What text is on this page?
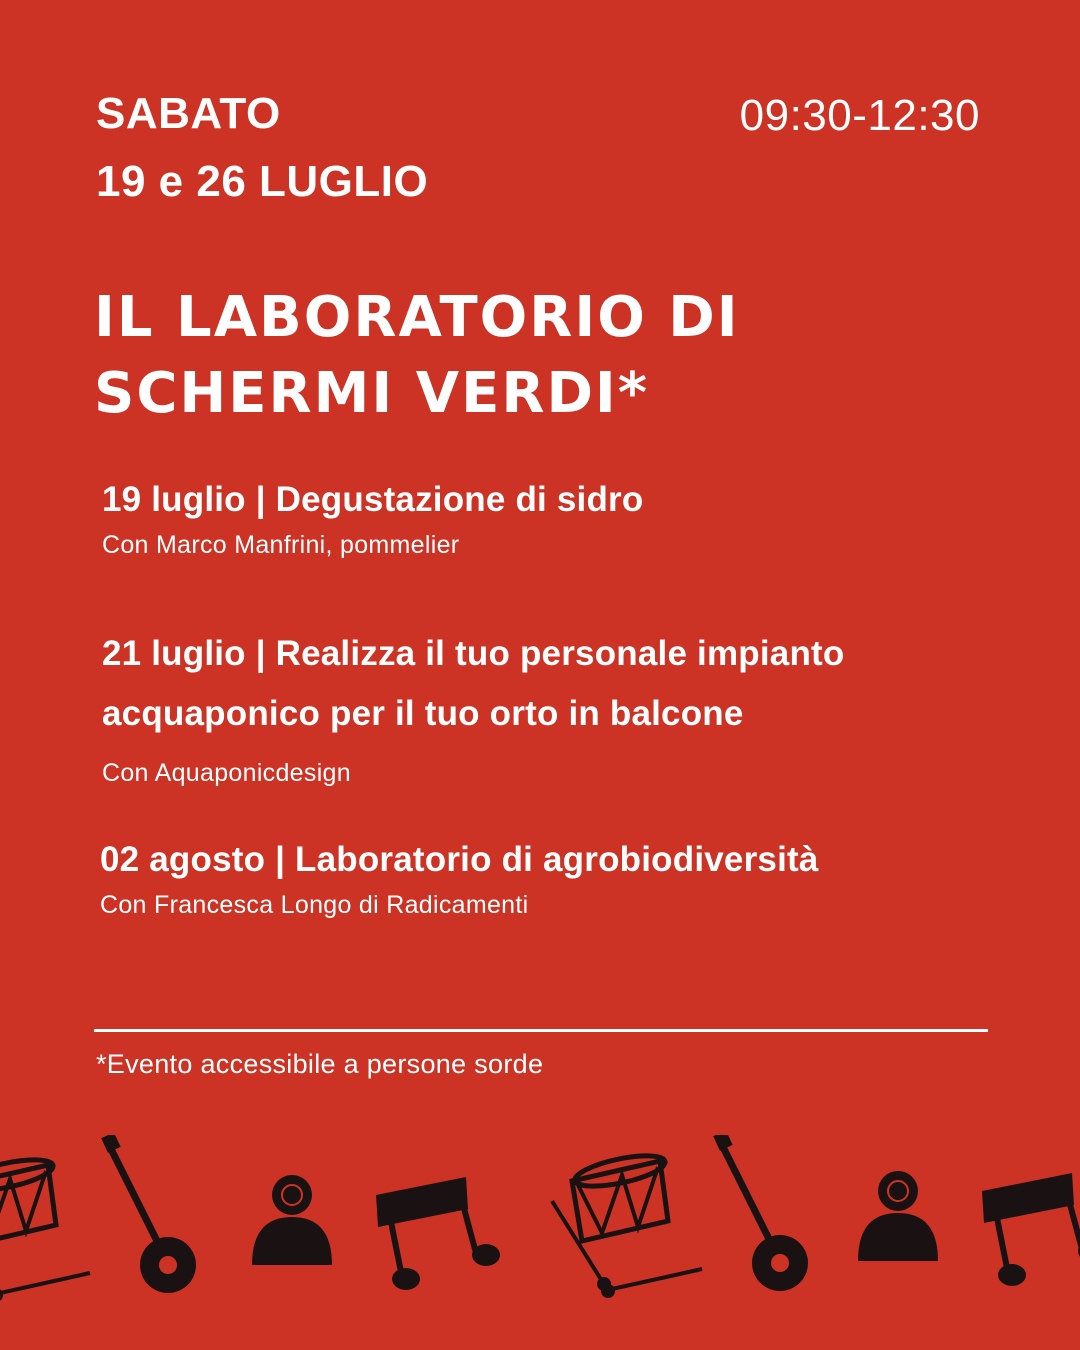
SABATO
19 e 26 LUGLIO
09:30-12:30
IL LABORATORIO DI
SCHERMI VERDI*
19 luglio | Degustazione di sidro
Con Marco Manfrini, pommelier
21 luglio | Realizza il tuo personale impianto
acquaponico per il tuo orto in balcone
Con Aquaponicdesign
02 agosto | Laboratorio di agrobiodiversità
Con Francesca Longo di Radicamenti
*Evento accessibile a persone sorde
